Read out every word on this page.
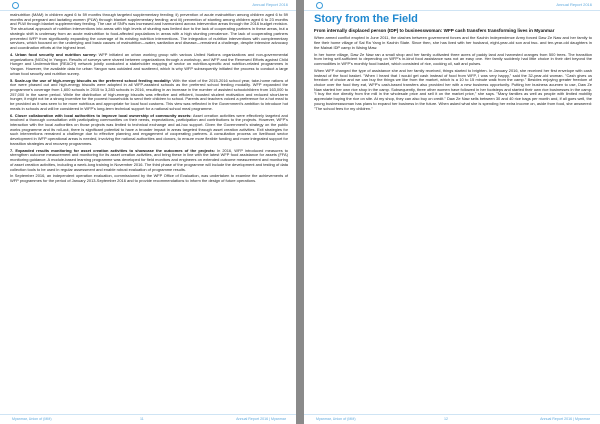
Annual Report 2016

malnutrition (MAM) in children aged 6 to 59 months through targeted supplementary feeding; ii) prevention of acute malnutrition among children aged 6 to 59 months and pregnant and lactating women (PLW) through blanket supplementary feeding; and iii) prevention of stunting among children aged 6 to 23 months and PLW through blanket supplementary feeding. The use of SNFs was increased and harmonized across intervention areas through the 2016 budget revision. The structural approach of nutrition interventions into areas with high levels of stunting was limited due to the lack of cooperating partners in these areas, but a strategic shift is underway from an acute malnutrition to food-affected populations in areas with a high stunting prevalence. The lack of cooperating partners prevented WFP from significantly expanding the coverage of its existing nutrition interventions. The integration of nutrition interventions with complementary services, which focused on the underlying and basic causes of malnutrition—water, sanitation and disease—remained a challenge, despite intensive advocacy and coordination efforts at the highest level.

4. Urban food security and nutrition survey: WFP initiated an urban working group with various United Nations organizations and non-governmental organizations (NGOs) in Yangon. Results of surveys were shared between organizations through a workshop, and WFP and the Renewed Efforts against Child Hunger and Undernutrition (REACH) network jointly conducted a stakeholder mapping of sector on nutrition-specific and nutrition-related programmes in Yangon. However, the available data for urban Yangon was outdated and scattered, which is why WFP subsequently initiated the process to conduct a large urban food security and nutrition survey.

5. Scale-up the use of high-energy biscuits as the preferred school feeding modality: With the start of the 2015-2016 school year, take-home rations of rice were phased out and high-energy biscuits were adopted in all WFP-assisted schools as the preferred school feeding modality. WFP expanded the programme's coverage from 1,600 schools in 2015 to 3,283 schools in 2016, resulting in an increase in the number of assisted schoolchildren from 163,000 to 257,000 in the same period. While the distribution of high-energy biscuits was effective and efficient, boosted student motivation and reduced short-term hunger, it might not be a strong incentive for the poorest households to send their children to school. Parents and teachers voiced a preference for a hot meal to be provided as it was seen to be more nutritious and appropriate for local food customs. This view was reflected in the Government's ambition to introduce hot meals in schools and will be considered in WFP's long-term technical support for a national school meal programme.

6. Closer collaboration with local authorities to improve local ownership of community assets: Asset creation activities were effectively targeted and involved a thorough consultation with participating communities on their needs, expectations, participation and contributions to the projects. However, WFP's interaction with the local authorities on those projects was limited to technical exchange and ad-hoc support. Given the Government's strategy on the public works programme and its roll-out, there is significant potential to have a broader impact in areas targeted through asset creation activities. Exit strategies for such interventions remained a challenge due to effective planning and engagement of cooperating partners. A consultation process on livelihood sector development in WFP operational areas is needed, involving the national authorities and donors, to ensure more flexible funding and more integrated support for transition strategies and recovery programmes.

7. Expanded results monitoring for asset creation activities to showcase the outcomes of the projects: In 2016, WFP introduced measures to strengthen outcome measurement and monitoring for its asset creation activities, and bring these in line with the latest WFP food assistance for assets (FFA) monitoring guidance. A module-based learning programme was developed for field monitors and engineers on extended outcome measurement and monitoring of asset creation activities, including a week-long training in November 2016. The third phase of the programme will include the development and testing of data collection tools to be used in regular assessment and enable robust evaluation of programme results.

In September 2016, an independent operation evaluation, commissioned by the WFP Office of Evaluation, was undertaken to examine the achievements of WFP programmes for the period of January 2013-September 2016 and to provide recommendations to inform the design of future operations.

Myanmar, Union of (MM)	11	Annual Report 2016 | Myanmar
Annual Report 2016
Story from the Field
From internally displaced person (IDP) to businesswoman: WFP cash transfers transforming lives in Myanmar

When armed conflict erupted in June 2011, the clashes between government forces and the Kachin Independence Army forced Daw Ze Naw and her family to flee their home village of Sai Ra Yang in Kachin State. Since then, she has lived with her husband, eight-year-old son and two- and ten-year-old daughters in the Mainat IDP camp in Waing Maw.

In her home village, Daw Ze Naw ran a small shop and her family cultivated three acres of paddy land and harvested oranges from 500 trees. The transition from being self-sufficient to depending on WFP's in-kind food assistance was not an easy one. Her family suddenly had little choice in their diet beyond the commodities in WFP's monthly food basket, which consisted of rice, cooking oil, salt and pulses.

When WFP changed the type of assistance she and her family received, things started to brighten. In January 2016, she received her first envelope with cash instead of the food basket. "When I heard that I would get cash instead of food from WFP, I was very happy," said the 32-year-old woman. "Cash gives us freedom of choice and we can buy the things we like from the market, which is a 10 to 15 minute walk from the camp." Besides enjoying greater freedom of choice over the food they eat, WFP's cash-based transfers also provided her with a new business opportunity. Putting her business acumen to use, Daw Ze Naw started her own rice shop in the camp. Subsequently, three other women have followed in her footsteps and started their own rice businesses in the camp. "I buy the rice directly from the mill in the wholesale price and sell it on the market price," she says. "Many families as well as people with limited mobility appreciate buying the rice on site. At my shop, they can also buy on credit." Daw Ze Naw sells between 30 and 40 rice bags per month and, if all goes well, the young businesswoman has plans to expand her business in the future. When asked what she is spending her extra income on, aside from food, she answered: "The school fees for my children."

Myanmar, Union of (MM)	12	Annual Report 2016 | Myanmar
